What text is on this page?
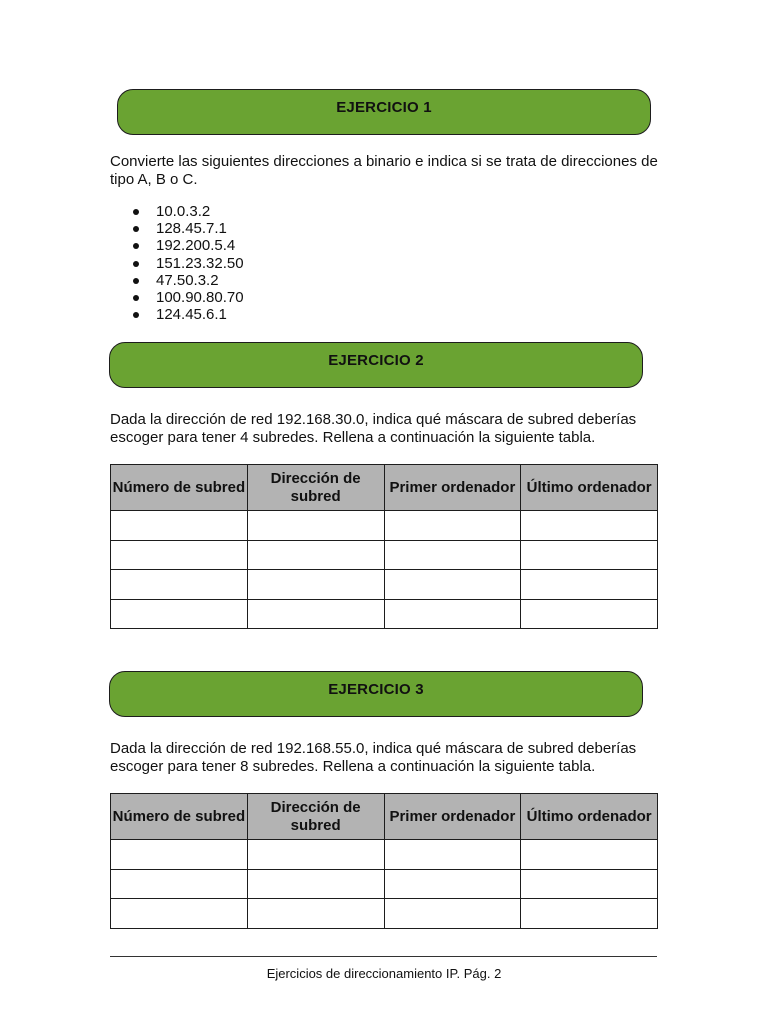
EJERCICIO 1

Convierte las siguientes direcciones a binario e indica si se trata de direcciones de tipo A, B o C.

10.0.3.2
128.45.7.1
192.200.5.4
151.23.32.50
47.50.3.2
100.90.80.70
124.45.6.1
EJERCICIO 2

Dada la dirección de red 192.168.30.0, indica qué máscara de subred deberías escoger para tener 4 subredes. Rellena a continuación la siguiente tabla.

Número de subred	Dirección de subred	Primer ordenador	Último ordenador

EJERCICIO 3

Dada la dirección de red 192.168.55.0, indica qué máscara de subred deberías escoger para tener 8 subredes. Rellena a continuación la siguiente tabla.

Número de subred	Dirección de subred	Primer ordenador	Último ordenador

Ejercicios de direccionamiento IP. Pág. 2
